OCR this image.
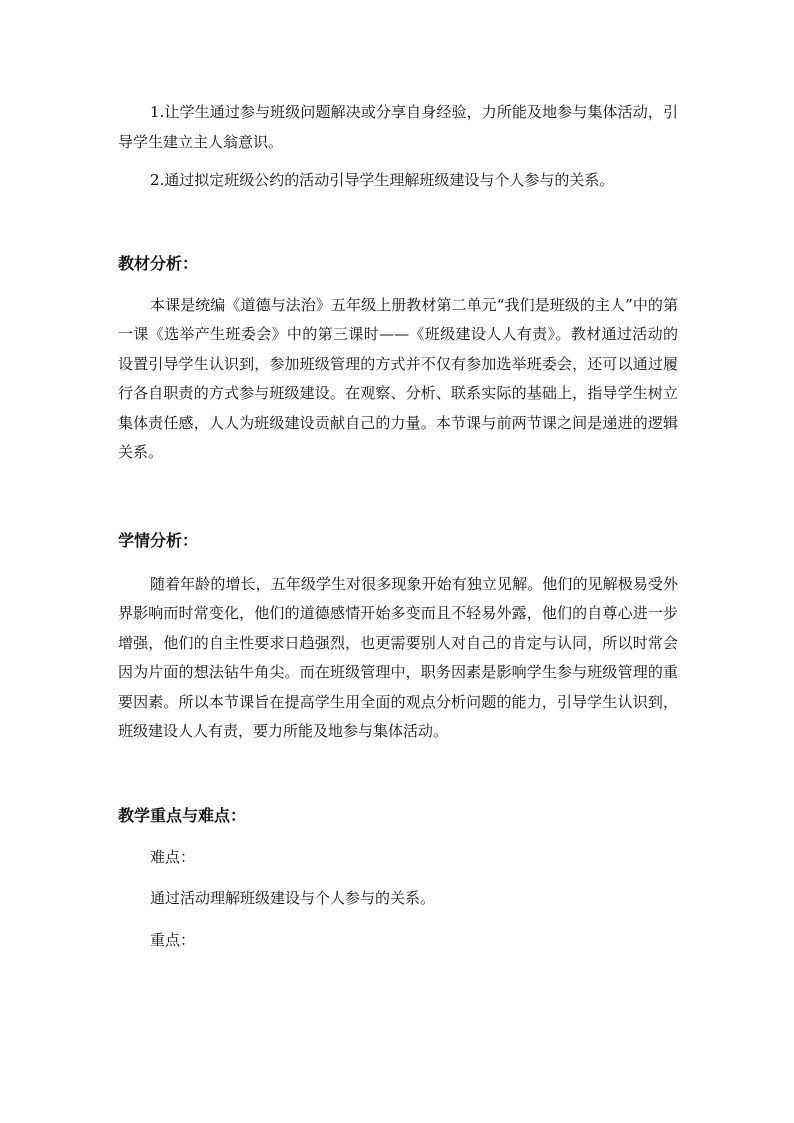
1.让学生通过参与班级问题解决或分享自身经验，力所能及地参与集体活动，引导学生建立主人翁意识。

2.通过拟定班级公约的活动引导学生理解班级建设与个人参与的关系。

教材分析：

本课是统编《道德与法治》五年级上册教材第二单元“我们是班级的主人”中的第一课《选举产生班委会》中的第三课时——《班级建设人人有责》。教材通过活动的设置引导学生认识到，参加班级管理的方式并不仅有参加选举班委会，还可以通过履行各自职责的方式参与班级建设。在观察、分析、联系实际的基础上，指导学生树立集体责任感，人人为班级建设贡献自己的力量。本节课与前两节课之间是递进的逻辑关系。

学情分析：

随着年龄的增长，五年级学生对很多现象开始有独立见解。他们的见解极易受外界影响而时常变化，他们的道德感情开始多变而且不轻易外露，他们的自尊心进一步增强，他们的自主性要求日趋强烈，也更需要别人对自己的肯定与认同，所以时常会因为片面的想法钻牛角尖。而在班级管理中，职务因素是影响学生参与班级管理的重要因素。所以本节课旨在提高学生用全面的观点分析问题的能力，引导学生认识到，班级建设人人有责，要力所能及地参与集体活动。

教学重点与难点：

难点：

通过活动理解班级建设与个人参与的关系。

重点：
